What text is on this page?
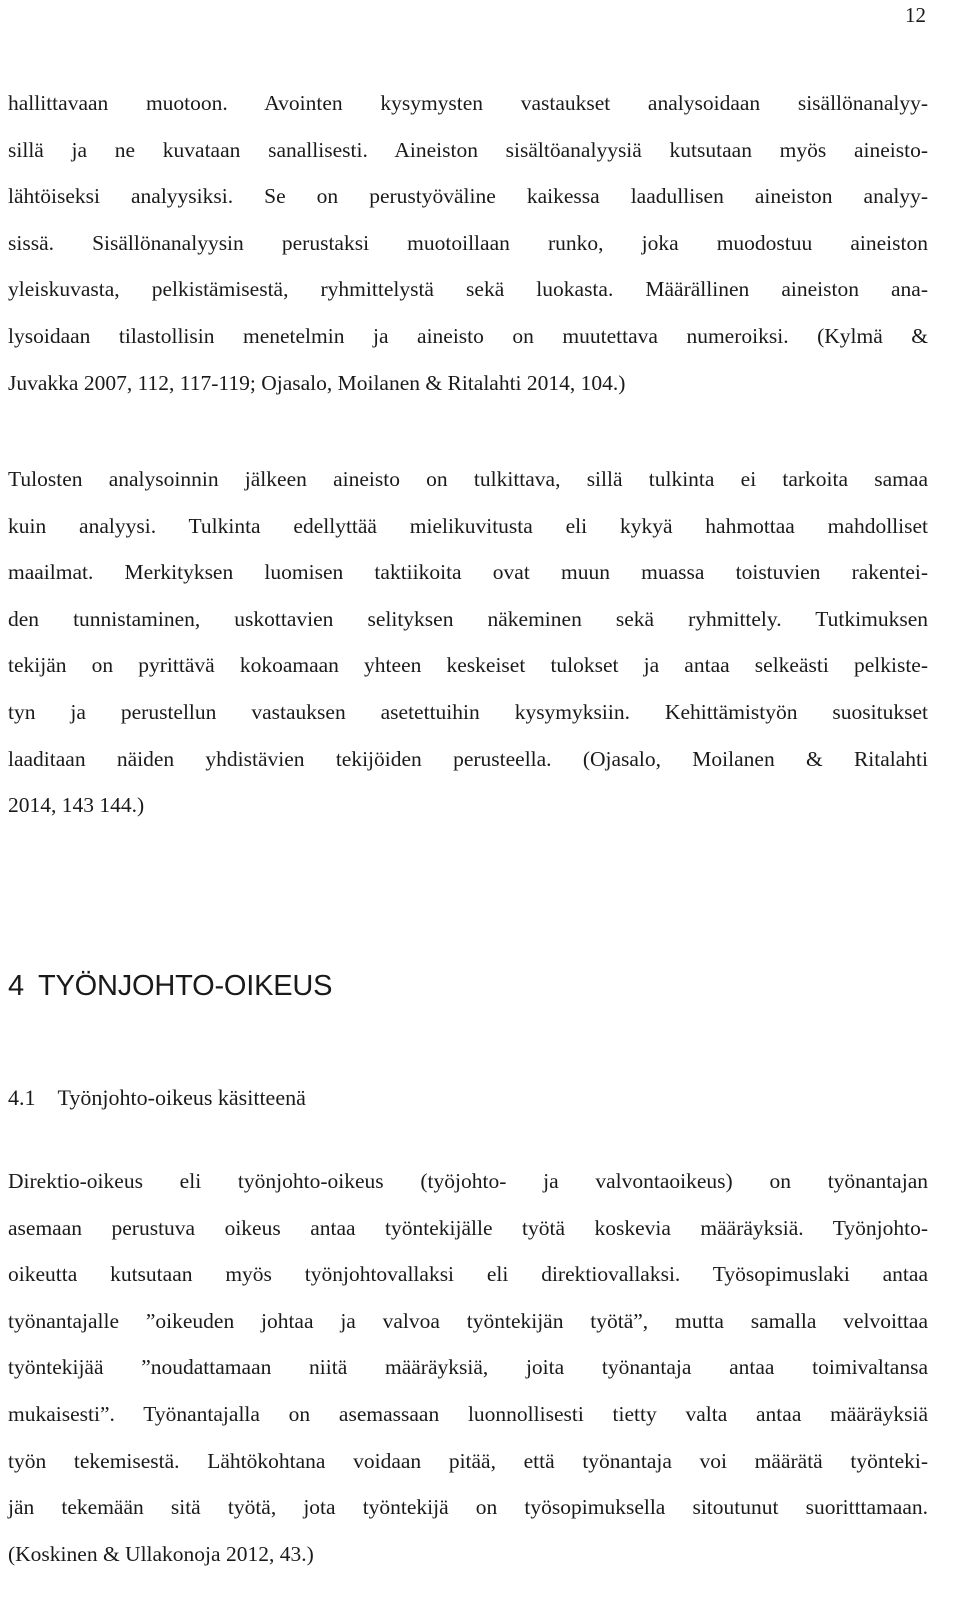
12
hallittavaan muotoon. Avointen kysymysten vastaukset analysoidaan sisällönanalyy-
sillä ja ne kuvataan sanallisesti. Aineiston sisältöanalyysiä kutsutaan myös aineisto-
lähtöiseksi analyysiksi. Se on perustyöväline kaikessa laadullisen aineiston analyy-
sissä. Sisällönanalyysin perustaksi muotoillaan runko, joka muodostuu aineiston
yleiskuvasta, pelkistämisestä, ryhmittelystä sekä luokasta. Määrällinen aineiston ana-
lysoidaan tilastollisin menetelmin ja aineisto on muutettava numeroiksi. (Kylmä &
Juvakka 2007, 112, 117-119; Ojasalo, Moilanen & Ritalahti 2014, 104.)
Tulosten analysoinnin jälkeen aineisto on tulkittava, sillä tulkinta ei tarkoita samaa
kuin analyysi. Tulkinta edellyttää mielikuvitusta eli kykyä hahmottaa mahdolliset
maailmat. Merkityksen luomisen taktiikoita ovat muun muassa toistuvien rakentei-
den tunnistaminen, uskottavien selityksen näkeminen sekä ryhmittely. Tutkimuksen
tekijän on pyrittävä kokoamaan yhteen keskeiset tulokset ja antaa selkeästi pelkiste-
tyn ja perustellun vastauksen asetettuihin kysymyksiin. Kehittämistyön suositukset
laaditaan näiden yhdistävien tekijöiden perusteella. (Ojasalo, Moilanen & Ritalahti
2014, 143 144.)
4 TYÖNJOHTO-OIKEUS
4.1 Työnjohto-oikeus käsitteenä
Direktio-oikeus eli työnjohto-oikeus (työjohto- ja valvontaoikeus) on työnantajan
asemaan perustuva oikeus antaa työntekijälle työtä koskevia määräyksiä. Työnjohto-
oikeutta kutsutaan myös työnjohtovallaksi eli direktiovallaksi. Työsopimuslaki antaa
työnantajalle ”oikeuden johtaa ja valvoa työntekijän työtä”, mutta samalla velvoittaa
työntekijää ”noudattamaan niitä määräyksiä, joita työnantaja antaa toimivaltansa
mukaisesti”. Työnantajalla on asemassaan luonnollisesti tietty valta antaa määräyksiä
työn tekemisestä. Lähtökohtana voidaan pitää, että työnantaja voi määrätä työnteki-
jän tekemään sitä työtä, jota työntekijä on työsopimuksella sitoutunut suoritttamaan.
(Koskinen & Ullakonoja 2012, 43.)
